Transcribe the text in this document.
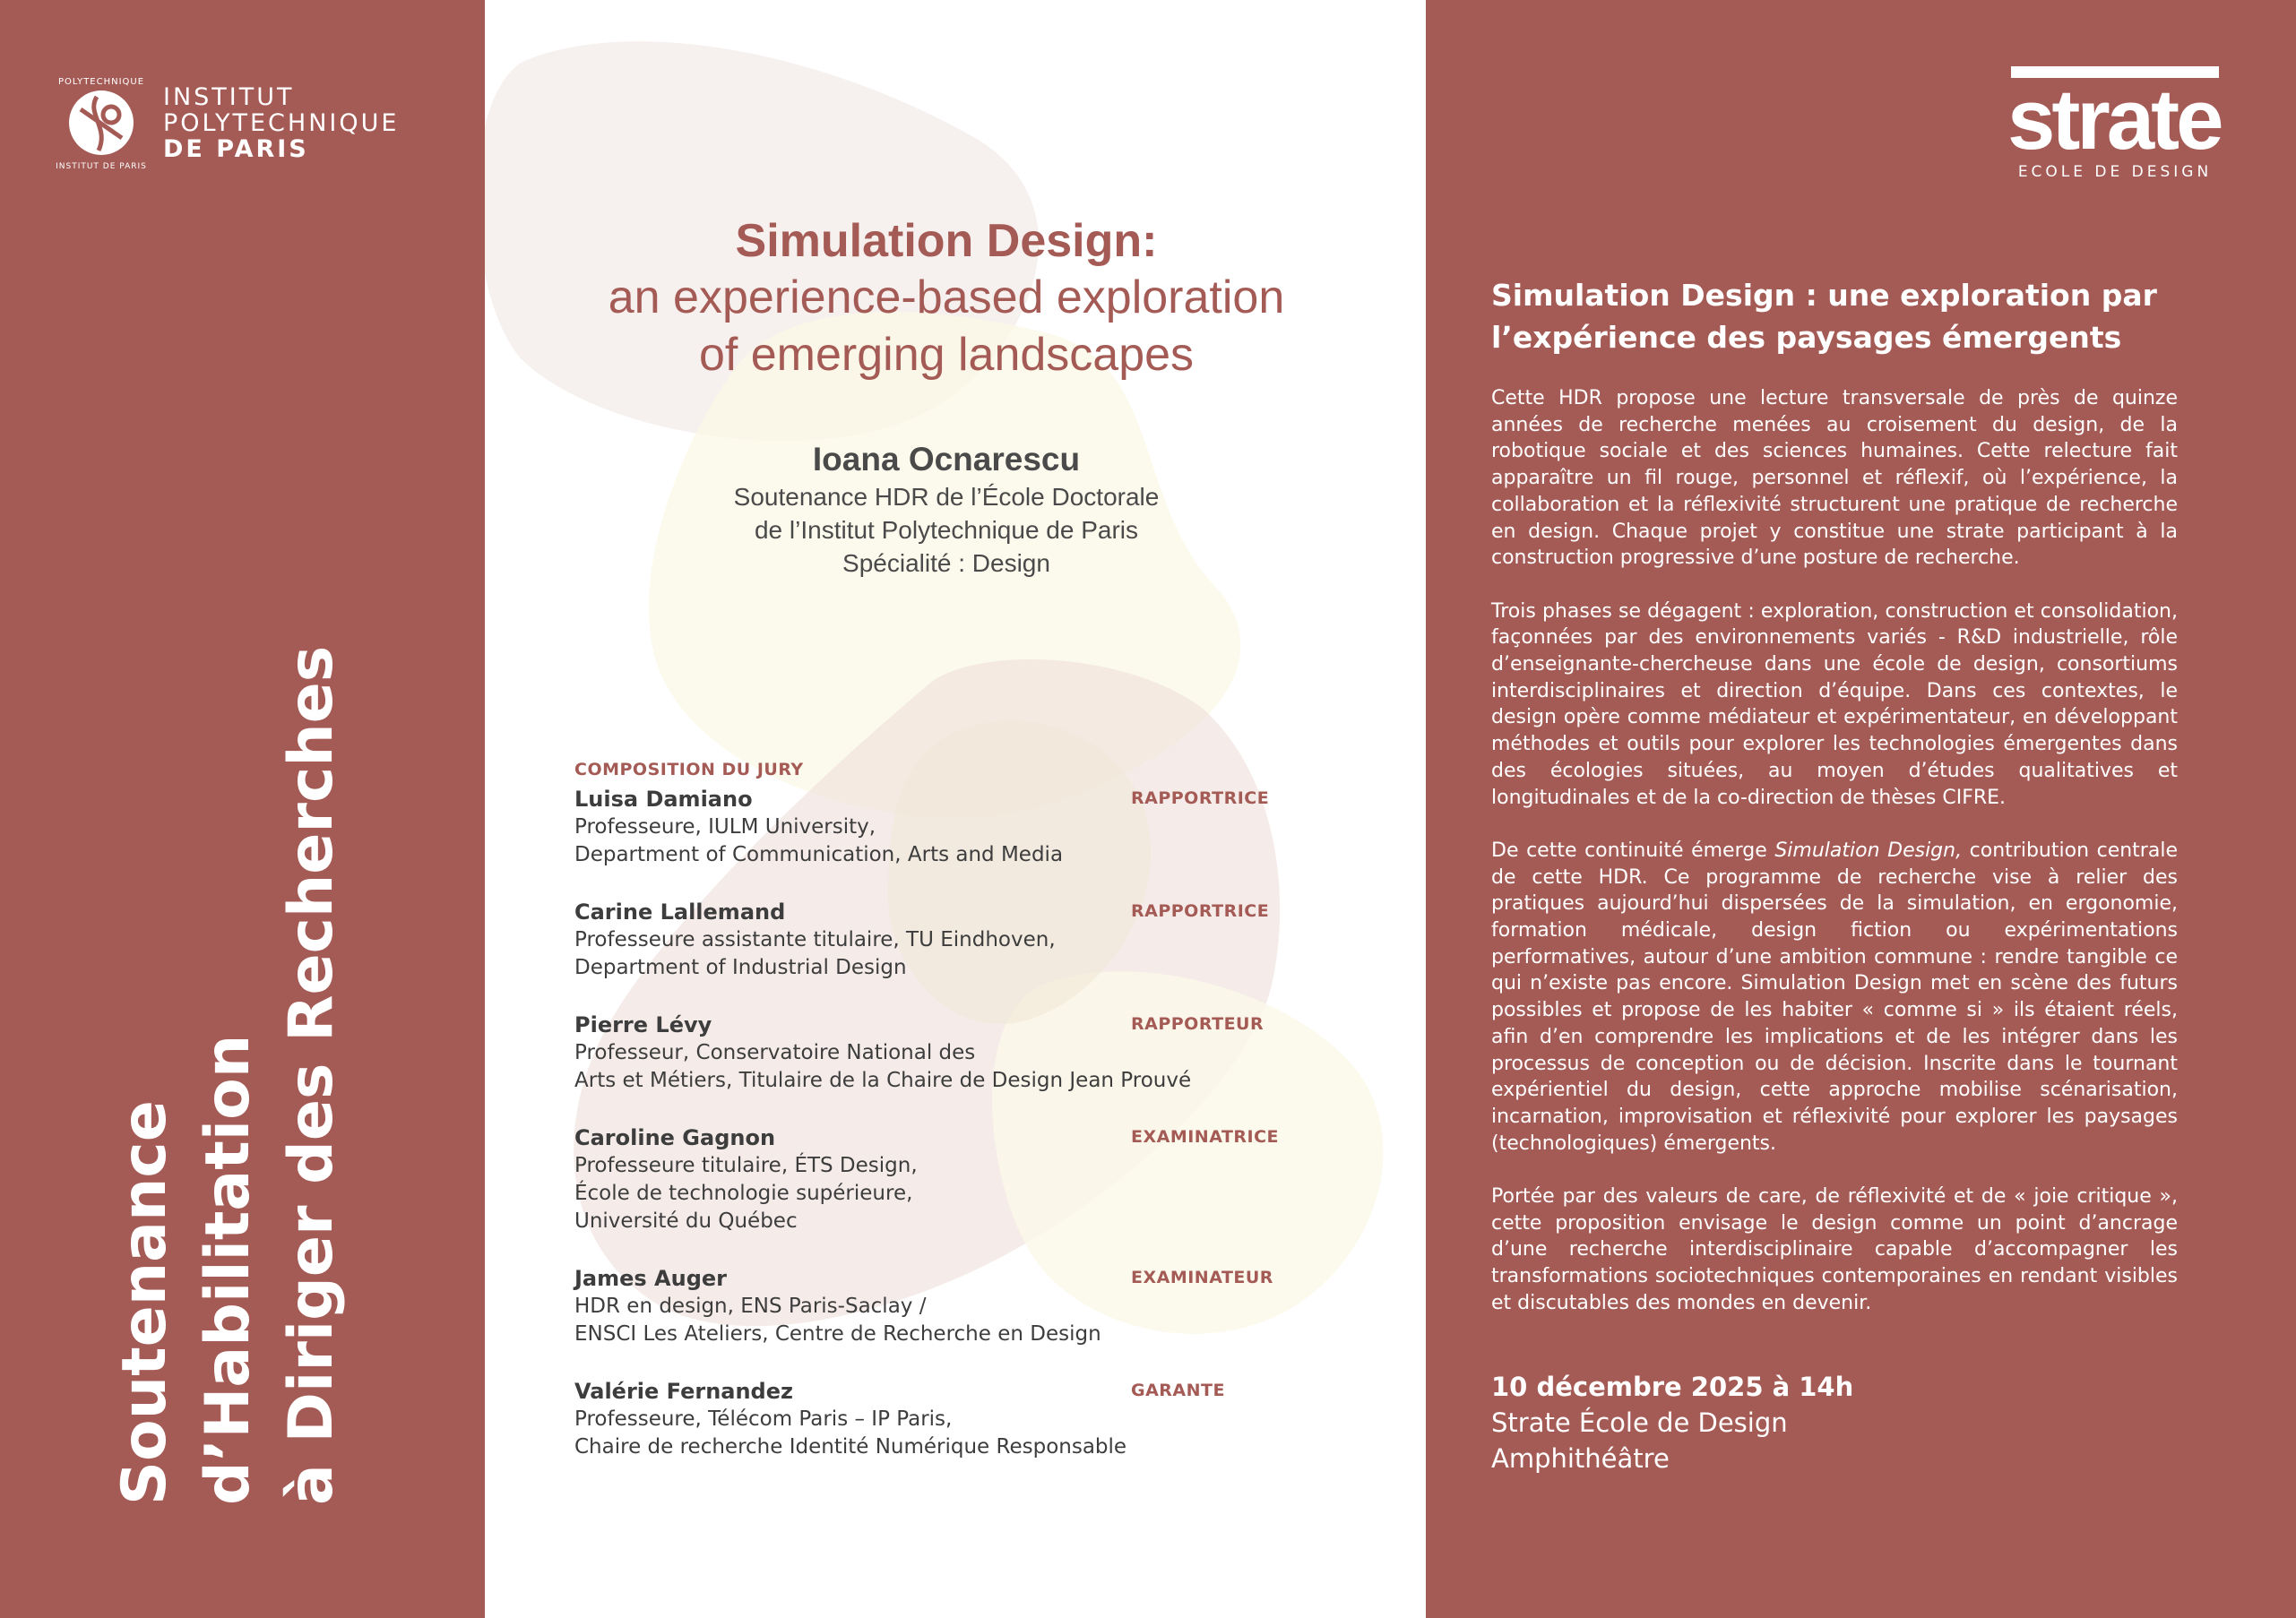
POLYTECHNIQUE
INSTITUT DE PARIS
INSTITUT
POLYTECHNIQUE
DE PARIS
Soutenance d’Habilitation à Diriger des Recherches
Simulation Design:
an experience-based exploration
of emerging landscapes
Ioana Ocnarescu
Soutenance HDR de l’École Doctorale
de l’Institut Polytechnique de Paris
Spécialité : Design
COMPOSITION DU JURY
Luisa Damiano	RAPPORTRICE
Professeure, IULM University,
Department of Communication, Arts and Media
Carine Lallemand	RAPPORTRICE
Professeure assistante titulaire, TU Eindhoven,
Department of Industrial Design
Pierre Lévy	RAPPORTEUR
Professeur, Conservatoire National des
Arts et Métiers, Titulaire de la Chaire de Design Jean Prouvé
Caroline Gagnon	EXAMINATRICE
Professeure titulaire, ÉTS Design,
École de technologie supérieure,
Université du Québec
James Auger	EXAMINATEUR
HDR en design, ENS Paris-Saclay /
ENSCI Les Ateliers, Centre de Recherche en Design
Valérie Fernandez	GARANTE
Professeure, Télécom Paris – IP Paris,
Chaire de recherche Identité Numérique Responsable
strate
ECOLE DE DESIGN
Simulation Design : une exploration par
l’expérience des paysages émergents

Cette HDR propose une lecture transversale de près de quinze années de recherche menées au croisement du design, de la robotique sociale et des sciences humaines. Cette relecture fait apparaître un fil rouge, personnel et réflexif, où l’expérience, la collaboration et la réflexivité structurent une pratique de recherche en design. Chaque projet y constitue une strate participant à la construction progressive d’une posture de recherche.

Trois phases se dégagent : exploration, construction et consolidation, façonnées par des environnements variés - R&D industrielle, rôle d’enseignante-chercheuse dans une école de design, consortiums interdisciplinaires et direction d’équipe. Dans ces contextes, le design opère comme médiateur et expérimentateur, en développant méthodes et outils pour explorer les technologies émergentes dans des écologies situées, au moyen d’études qualitatives et longitudinales et de la co-direction de thèses CIFRE.

De cette continuité émerge Simulation Design, contribution centrale de cette HDR. Ce programme de recherche vise à relier des pratiques aujourd’hui dispersées de la simulation, en ergonomie, formation médicale, design fiction ou expérimentations performatives, autour d’une ambition commune : rendre tangible ce qui n’existe pas encore. Simulation Design met en scène des futurs possibles et propose de les habiter « comme si » ils étaient réels, afin d’en comprendre les implications et de les intégrer dans les processus de conception ou de décision. Inscrite dans le tournant expérientiel du design, cette approche mobilise scénarisation, incarnation, improvisation et réflexivité pour explorer les paysages (technologiques) émergents.

Portée par des valeurs de care, de réflexivité et de « joie critique », cette proposition envisage le design comme un point d’ancrage d’une recherche interdisciplinaire capable d’accompagner les transformations sociotechniques contemporaines en rendant visibles et discutables des mondes en devenir.

10 décembre 2025 à 14h
Strate École de Design
Amphithéâtre
